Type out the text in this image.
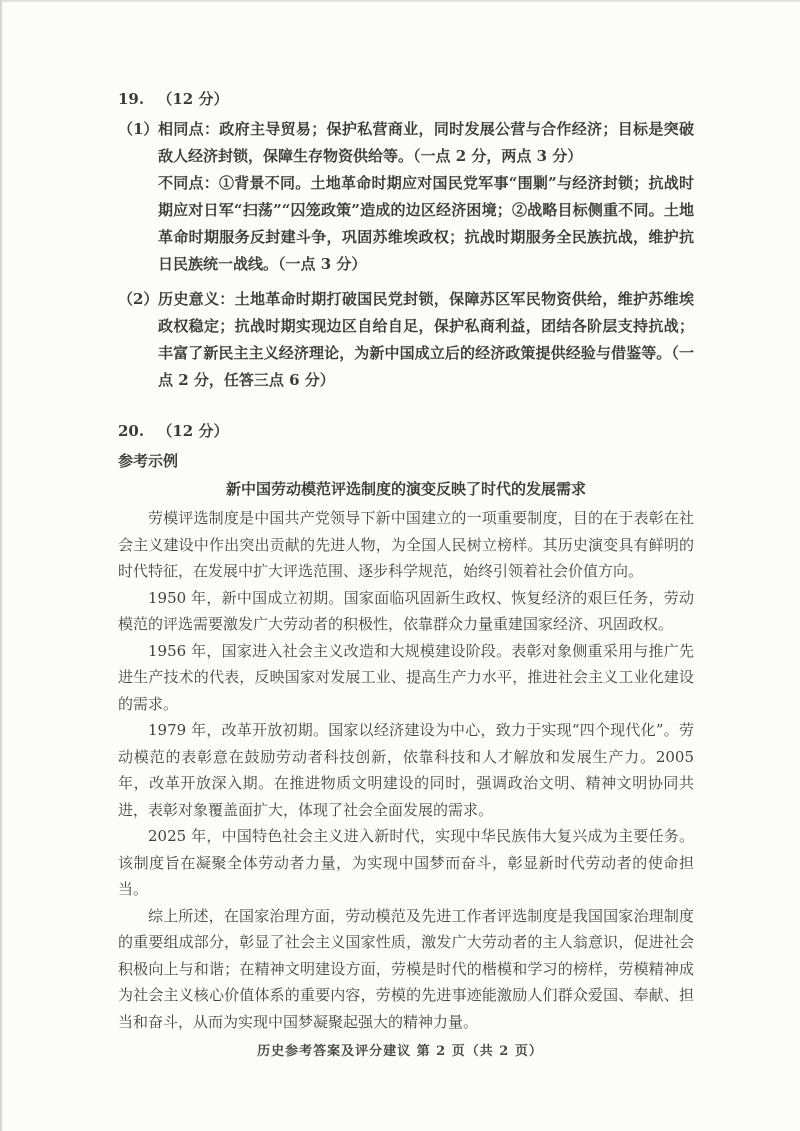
19. （12 分）
（1） 相同点：政府主导贸易；保护私营商业，同时发展公营与合作经济；目标是突破敌人经济封锁，保障生存物资供给等。（一点 2 分，两点 3 分）

不同点：①背景不同。土地革命时期应对国民党军事“围剿”与经济封锁；抗战时期应对日军“扫荡”“囚笼政策”造成的边区经济困境；②战略目标侧重不同。土地革命时期服务反封建斗争，巩固苏维埃政权；抗战时期服务全民族抗战，维护抗日民族统一战线。（一点 3 分）

（2） 历史意义：土地革命时期打破国民党封锁，保障苏区军民物资供给，维护苏维埃政权稳定；抗战时期实现边区自给自足，保护私商利益，团结各阶层支持抗战；丰富了新民主主义经济理论，为新中国成立后的经济政策提供经验与借鉴等。（一点 2 分，任答三点 6 分）

20. （12 分）
参考示例
新中国劳动模范评选制度的演变反映了时代的发展需求

劳模评选制度是中国共产党领导下新中国建立的一项重要制度，目的在于表彰在社会主义建设中作出突出贡献的先进人物，为全国人民树立榜样。其历史演变具有鲜明的时代特征，在发展中扩大评选范围、逐步科学规范，始终引领着社会价值方向。

1950 年，新中国成立初期。国家面临巩固新生政权、恢复经济的艰巨任务，劳动模范的评选需要激发广大劳动者的积极性，依靠群众力量重建国家经济、巩固政权。

1956 年，国家进入社会主义改造和大规模建设阶段。表彰对象侧重采用与推广先进生产技术的代表，反映国家对发展工业、提高生产力水平，推进社会主义工业化建设的需求。

1979 年，改革开放初期。国家以经济建设为中心，致力于实现“四个现代化”。劳动模范的表彰意在鼓励劳动者科技创新，依靠科技和人才解放和发展生产力。2005 年，改革开放深入期。在推进物质文明建设的同时，强调政治文明、精神文明协同共进，表彰对象覆盖面扩大，体现了社会全面发展的需求。

2025 年，中国特色社会主义进入新时代，实现中华民族伟大复兴成为主要任务。该制度旨在凝聚全体劳动者力量，为实现中国梦而奋斗，彰显新时代劳动者的使命担当。

综上所述，在国家治理方面，劳动模范及先进工作者评选制度是我国国家治理制度的重要组成部分，彰显了社会主义国家性质，激发广大劳动者的主人翁意识，促进社会积极向上与和谐；在精神文明建设方面，劳模是时代的楷模和学习的榜样，劳模精神成为社会主义核心价值体系的重要内容，劳模的先进事迹能激励人们群众爱国、奉献、担当和奋斗，从而为实现中国梦凝聚起强大的精神力量。

历史参考答案及评分建议 第 2 页（共 2 页）
